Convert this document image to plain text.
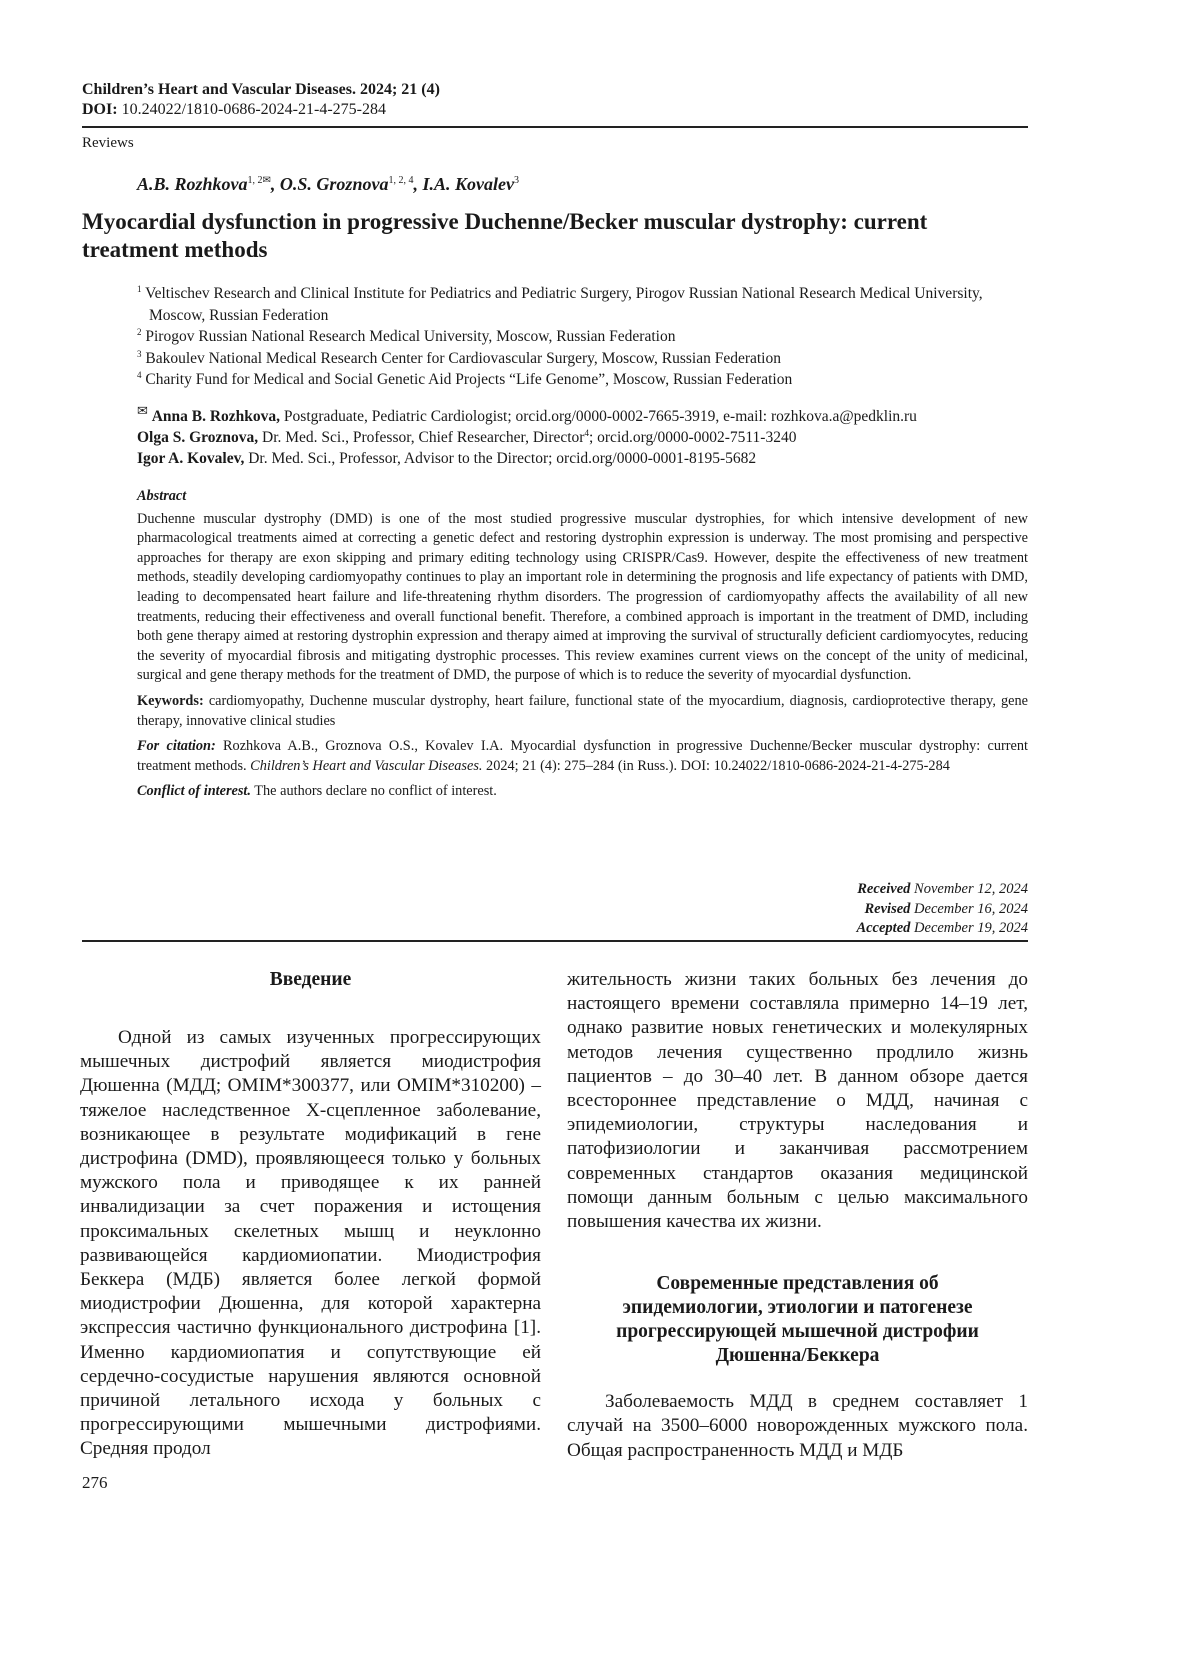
Children’s Heart and Vascular Diseases. 2024; 21 (4)
DOI: 10.24022/1810-0686-2024-21-4-275-284
Reviews
A.B. Rozhkova1, 2✉, O.S. Groznova1, 2, 4, I.A. Kovalev3
Myocardial dysfunction in progressive Duchenne/Becker muscular dystrophy: current treatment methods
1 Veltischev Research and Clinical Institute for Pediatrics and Pediatric Surgery, Pirogov Russian National Research Medical University, Moscow, Russian Federation
2 Pirogov Russian National Research Medical University, Moscow, Russian Federation
3 Bakoulev National Medical Research Center for Cardiovascular Surgery, Moscow, Russian Federation
4 Charity Fund for Medical and Social Genetic Aid Projects “Life Genome”, Moscow, Russian Federation
✉ Anna B. Rozhkova, Postgraduate, Pediatric Cardiologist; orcid.org/0000-0002-7665-3919, e-mail: rozhkova.a@pedklin.ru
Olga S. Groznova, Dr. Med. Sci., Professor, Chief Researcher, Director4; orcid.org/0000-0002-7511-3240
Igor A. Kovalev, Dr. Med. Sci., Professor, Advisor to the Director; orcid.org/0000-0001-8195-5682
Abstract

Duchenne muscular dystrophy (DMD) is one of the most studied progressive muscular dystrophies, for which intensive development of new pharmacological treatments aimed at correcting a genetic defect and restoring dystrophin expression is underway. The most promising and perspective approaches for therapy are exon skipping and primary editing technology using CRISPR/Cas9. However, despite the effectiveness of new treatment methods, steadily developing cardiomyopathy continues to play an important role in determining the prognosis and life expectancy of patients with DMD, leading to decompensated heart failure and life-threatening rhythm disorders. The progression of cardiomyopathy affects the availability of all new treatments, reducing their effectiveness and overall functional benefit. Therefore, a combined approach is important in the treatment of DMD, including both gene therapy aimed at restoring dystrophin expression and therapy aimed at improving the survival of structurally deficient cardiomyocytes, reducing the severity of myocardial fibrosis and mitigating dystrophic processes. This review examines current views on the concept of the unity of medicinal, surgical and gene therapy methods for the treatment of DMD, the purpose of which is to reduce the severity of myocardial dysfunction.

Keywords: cardiomyopathy, Duchenne muscular dystrophy, heart failure, functional state of the myocardium, diagnosis, cardioprotective therapy, gene therapy, innovative clinical studies

For citation: Rozhkova A.B., Groznova O.S., Kovalev I.A. Myocardial dysfunction in progressive Duchenne/Becker muscular dystrophy: current treatment methods. Children’s Heart and Vascular Diseases. 2024; 21 (4): 275–284 (in Russ.). DOI: 10.24022/1810-0686-2024-21-4-275-284

Conflict of interest. The authors declare no conflict of interest.

Received November 12, 2024
Revised December 16, 2024
Accepted December 19, 2024
Введение

Одной из самых изученных прогрессирующих мышечных дистрофий является миодистрофия Дюшенна (МДД; OMIM*300377, или OMIM*310200) – тяжелое наследственное Х-сцепленное заболевание, возникающее в результате модификаций в гене дистрофина (DMD), проявляющееся только у больных мужского пола и приводящее к их ранней инвалидизации за счет поражения и истощения проксимальных скелетных мышц и неуклонно развивающейся кардиомиопатии. Миодистрофия Беккера (МДБ) является более легкой формой миодистрофии Дюшенна, для которой характерна экспрессия частично функционального дистрофина [1]. Именно кардиомиопатия и сопутствующие ей сердечно-сосудистые нарушения являются основной причиной летального исхода у больных с прогрессирующими мышечными дистрофиями. Средняя продол

жительность жизни таких больных без лечения до настоящего времени составляла примерно 14–19 лет, однако развитие новых генетических и молекулярных методов лечения существенно продлило жизнь пациентов – до 30–40 лет. В данном обзоре дается всестороннее представление о МДД, начиная с эпидемиологии, структуры наследования и патофизиологии и заканчивая рассмотрением современных стандартов оказания медицинской помощи данным больным с целью максимального повышения качества их жизни.

Современные представления об эпидемиологии, этиологии и патогенезе прогрессирующей мышечной дистрофии Дюшенна/Беккера

Заболеваемость МДД в среднем составляет 1 случай на 3500–6000 новорожденных мужского пола. Общая распространенность МДД и МДБ

276
